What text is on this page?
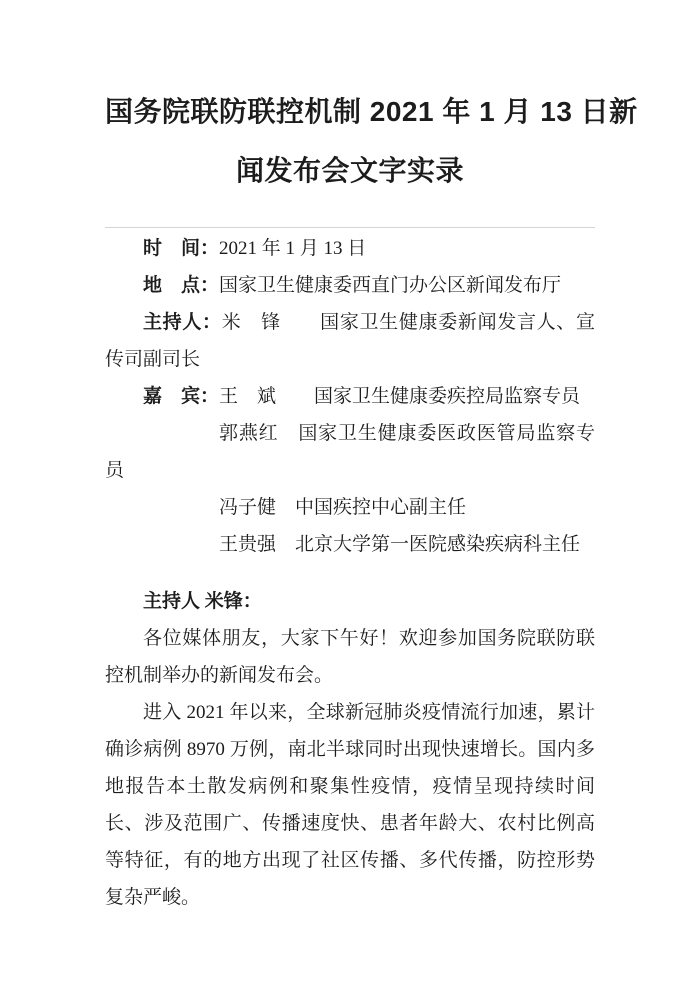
国务院联防联控机制 2021 年 1 月 13 日新
闻发布会文字实录

时　间：2021 年 1 月 13 日

地　点：国家卫生健康委西直门办公区新闻发布厅

主持人：米　锋　　国家卫生健康委新闻发言人、宣传司副司长

嘉　宾：王　斌　　国家卫生健康委疾控局监察专员

郭燕红　国家卫生健康委医政医管局监察专员

冯子健　中国疾控中心副主任

王贵强　北京大学第一医院感染疾病科主任

主持人 米锋：

各位媒体朋友，大家下午好！欢迎参加国务院联防联控机制举办的新闻发布会。

进入 2021 年以来，全球新冠肺炎疫情流行加速，累计确诊病例 8970 万例，南北半球同时出现快速增长。国内多地报告本土散发病例和聚集性疫情，疫情呈现持续时间长、涉及范围广、传播速度快、患者年龄大、农村比例高等特征，有的地方出现了社区传播、多代传播，防控形势复杂严峻。
